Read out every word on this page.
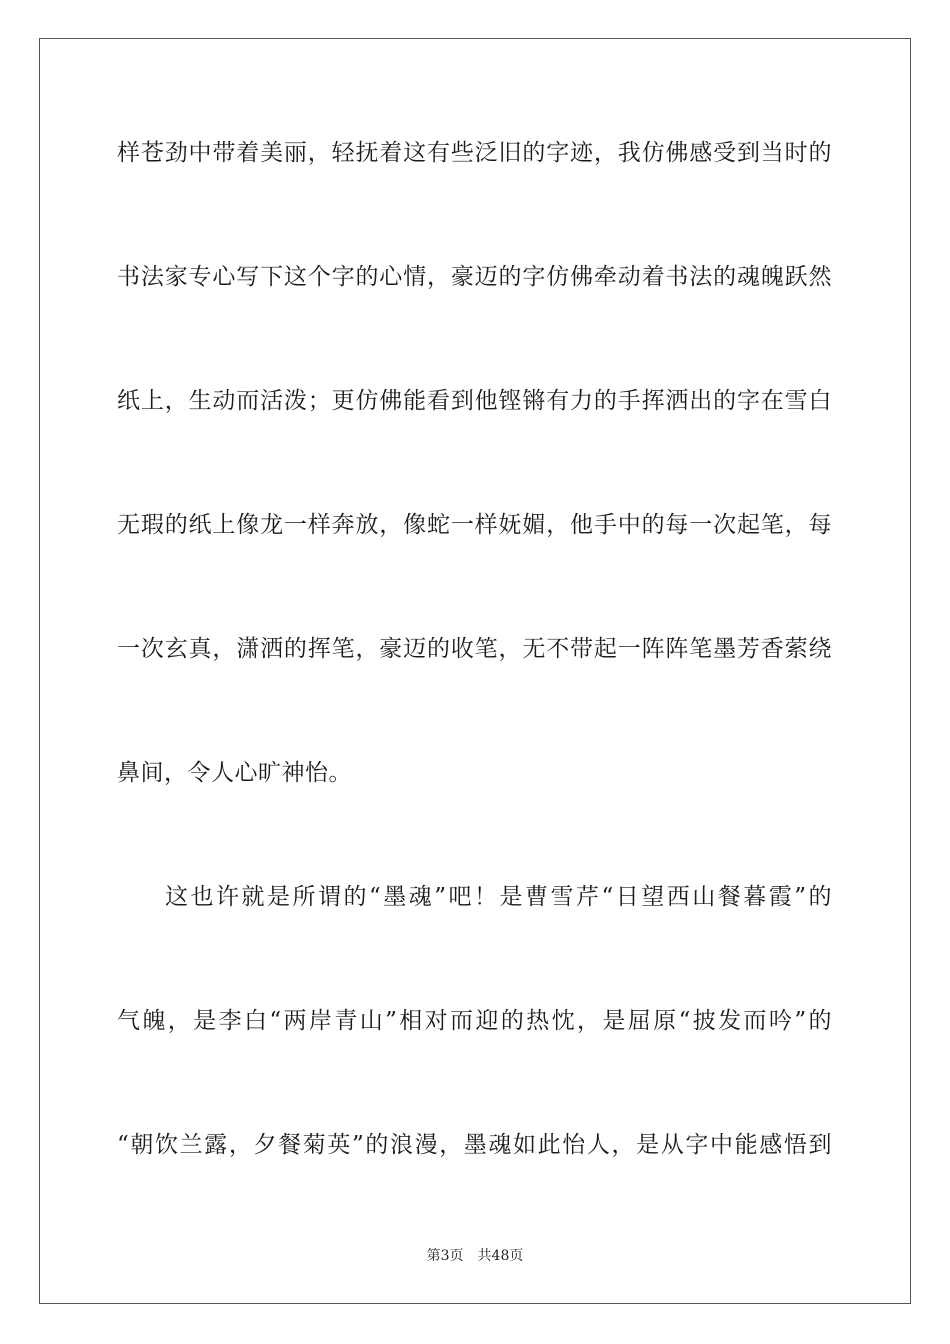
样苍劲中带着美丽，轻抚着这有些泛旧的字迹，我仿佛感受到当时的
书法家专心写下这个字的心情，豪迈的字仿佛牵动着书法的魂魄跃然
纸上，生动而活泼；更仿佛能看到他铿锵有力的手挥洒出的字在雪白
无瑕的纸上像龙一样奔放，像蛇一样妩媚，他手中的每一次起笔，每
一次玄真，潇洒的挥笔，豪迈的收笔，无不带起一阵阵笔墨芳香萦绕
鼻间，令人心旷神怡。
这也许就是所谓的“墨魂”吧！是曹雪芹“日望西山餐暮霞”的
气魄，是李白“两岸青山”相对而迎的热忱，是屈原“披发而吟”的
“朝饮兰露，夕餐菊英”的浪漫，墨魂如此怡人，是从字中能感悟到
第3页 共48页
